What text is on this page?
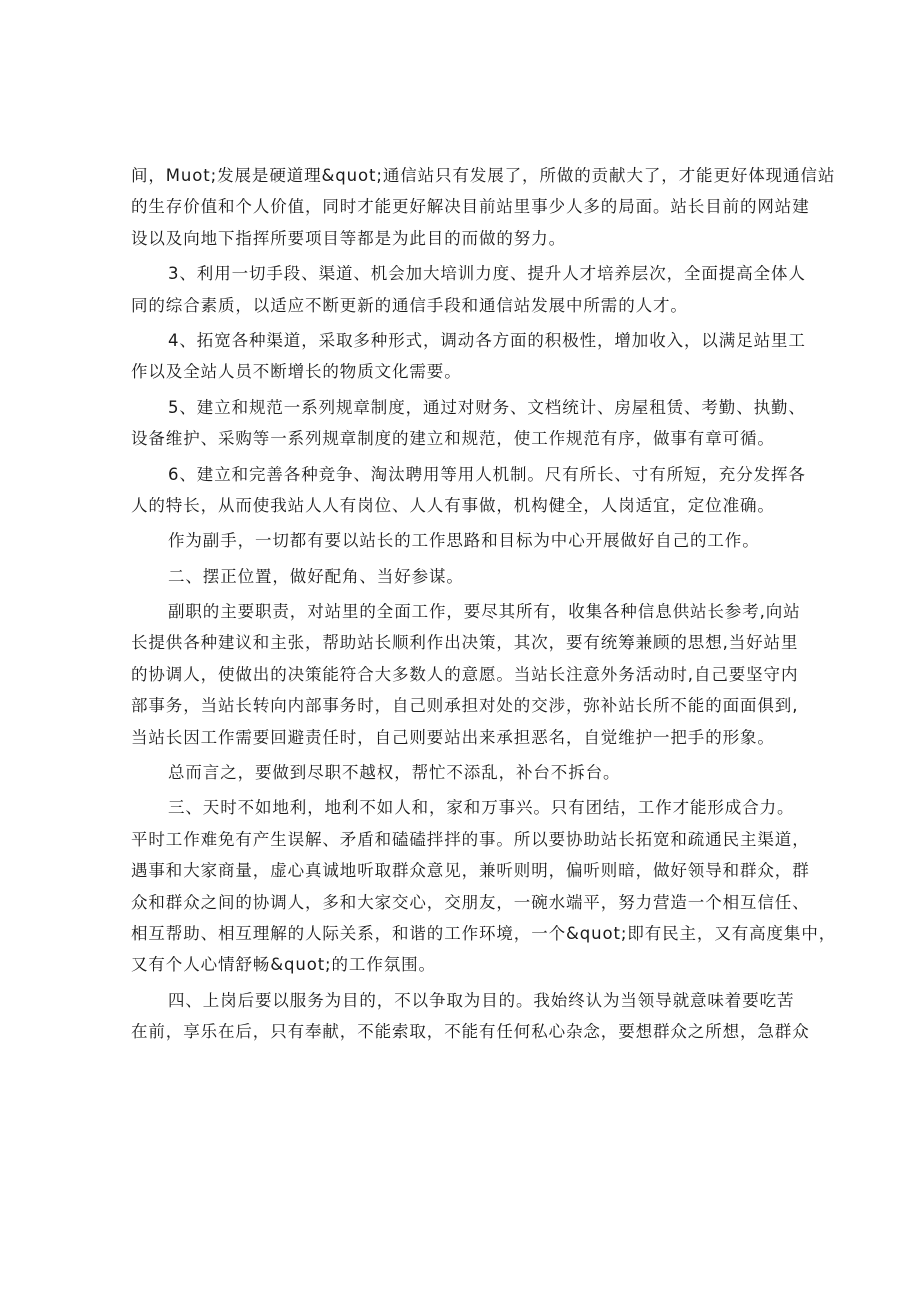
间，Muot;发展是硬道理&quot;通信站只有发展了，所做的贡献大了，才能更好体现通信站
的生存价值和个人价值，同时才能更好解决目前站里事少人多的局面。站长目前的网站建
设以及向地下指挥所要项目等都是为此目的而做的努力。
3、利用一切手段、渠道、机会加大培训力度、提升人才培养层次，全面提高全体人
同的综合素质，以适应不断更新的通信手段和通信站发展中所需的人才。
4、拓宽各种渠道，采取多种形式，调动各方面的积极性，增加收入，以满足站里工
作以及全站人员不断增长的物质文化需要。
5、建立和规范一系列规章制度，通过对财务、文档统计、房屋租赁、考勤、执勤、
设备维护、采购等一系列规章制度的建立和规范，使工作规范有序，做事有章可循。
6、建立和完善各种竞争、淘汰聘用等用人机制。尺有所长、寸有所短，充分发挥各
人的特长，从而使我站人人有岗位、人人有事做，机构健全，人岗适宜，定位准确。
作为副手，一切都有要以站长的工作思路和目标为中心开展做好自己的工作。
二、摆正位置，做好配角、当好参谋。
副职的主要职责，对站里的全面工作，要尽其所有，收集各种信息供站长参考,向站
长提供各种建议和主张，帮助站长顺利作出决策，其次，要有统筹兼顾的思想,当好站里
的协调人，使做出的决策能符合大多数人的意愿。当站长注意外务活动时,自己要坚守内
部事务，当站长转向内部事务时，自己则承担对处的交涉，弥补站长所不能的面面俱到,
当站长因工作需要回避责任时，自己则要站出来承担恶名，自觉维护一把手的形象。
总而言之，要做到尽职不越权，帮忙不添乱，补台不拆台。
三、天时不如地利，地利不如人和，家和万事兴。只有团结，工作才能形成合力。
平时工作难免有产生误解、矛盾和磕磕拌拌的事。所以要协助站长拓宽和疏通民主渠道，
遇事和大家商量，虚心真诚地听取群众意见，兼听则明，偏听则暗，做好领导和群众，群
众和群众之间的协调人，多和大家交心，交朋友，一碗水端平，努力营造一个相互信任、
相互帮助、相互理解的人际关系，和谐的工作环境，一个&quot;即有民主，又有高度集中，
又有个人心情舒畅&quot;的工作氛围。
四、上岗后要以服务为目的，不以争取为目的。我始终认为当领导就意味着要吃苦
在前，享乐在后，只有奉献，不能索取，不能有任何私心杂念，要想群众之所想，急群众
